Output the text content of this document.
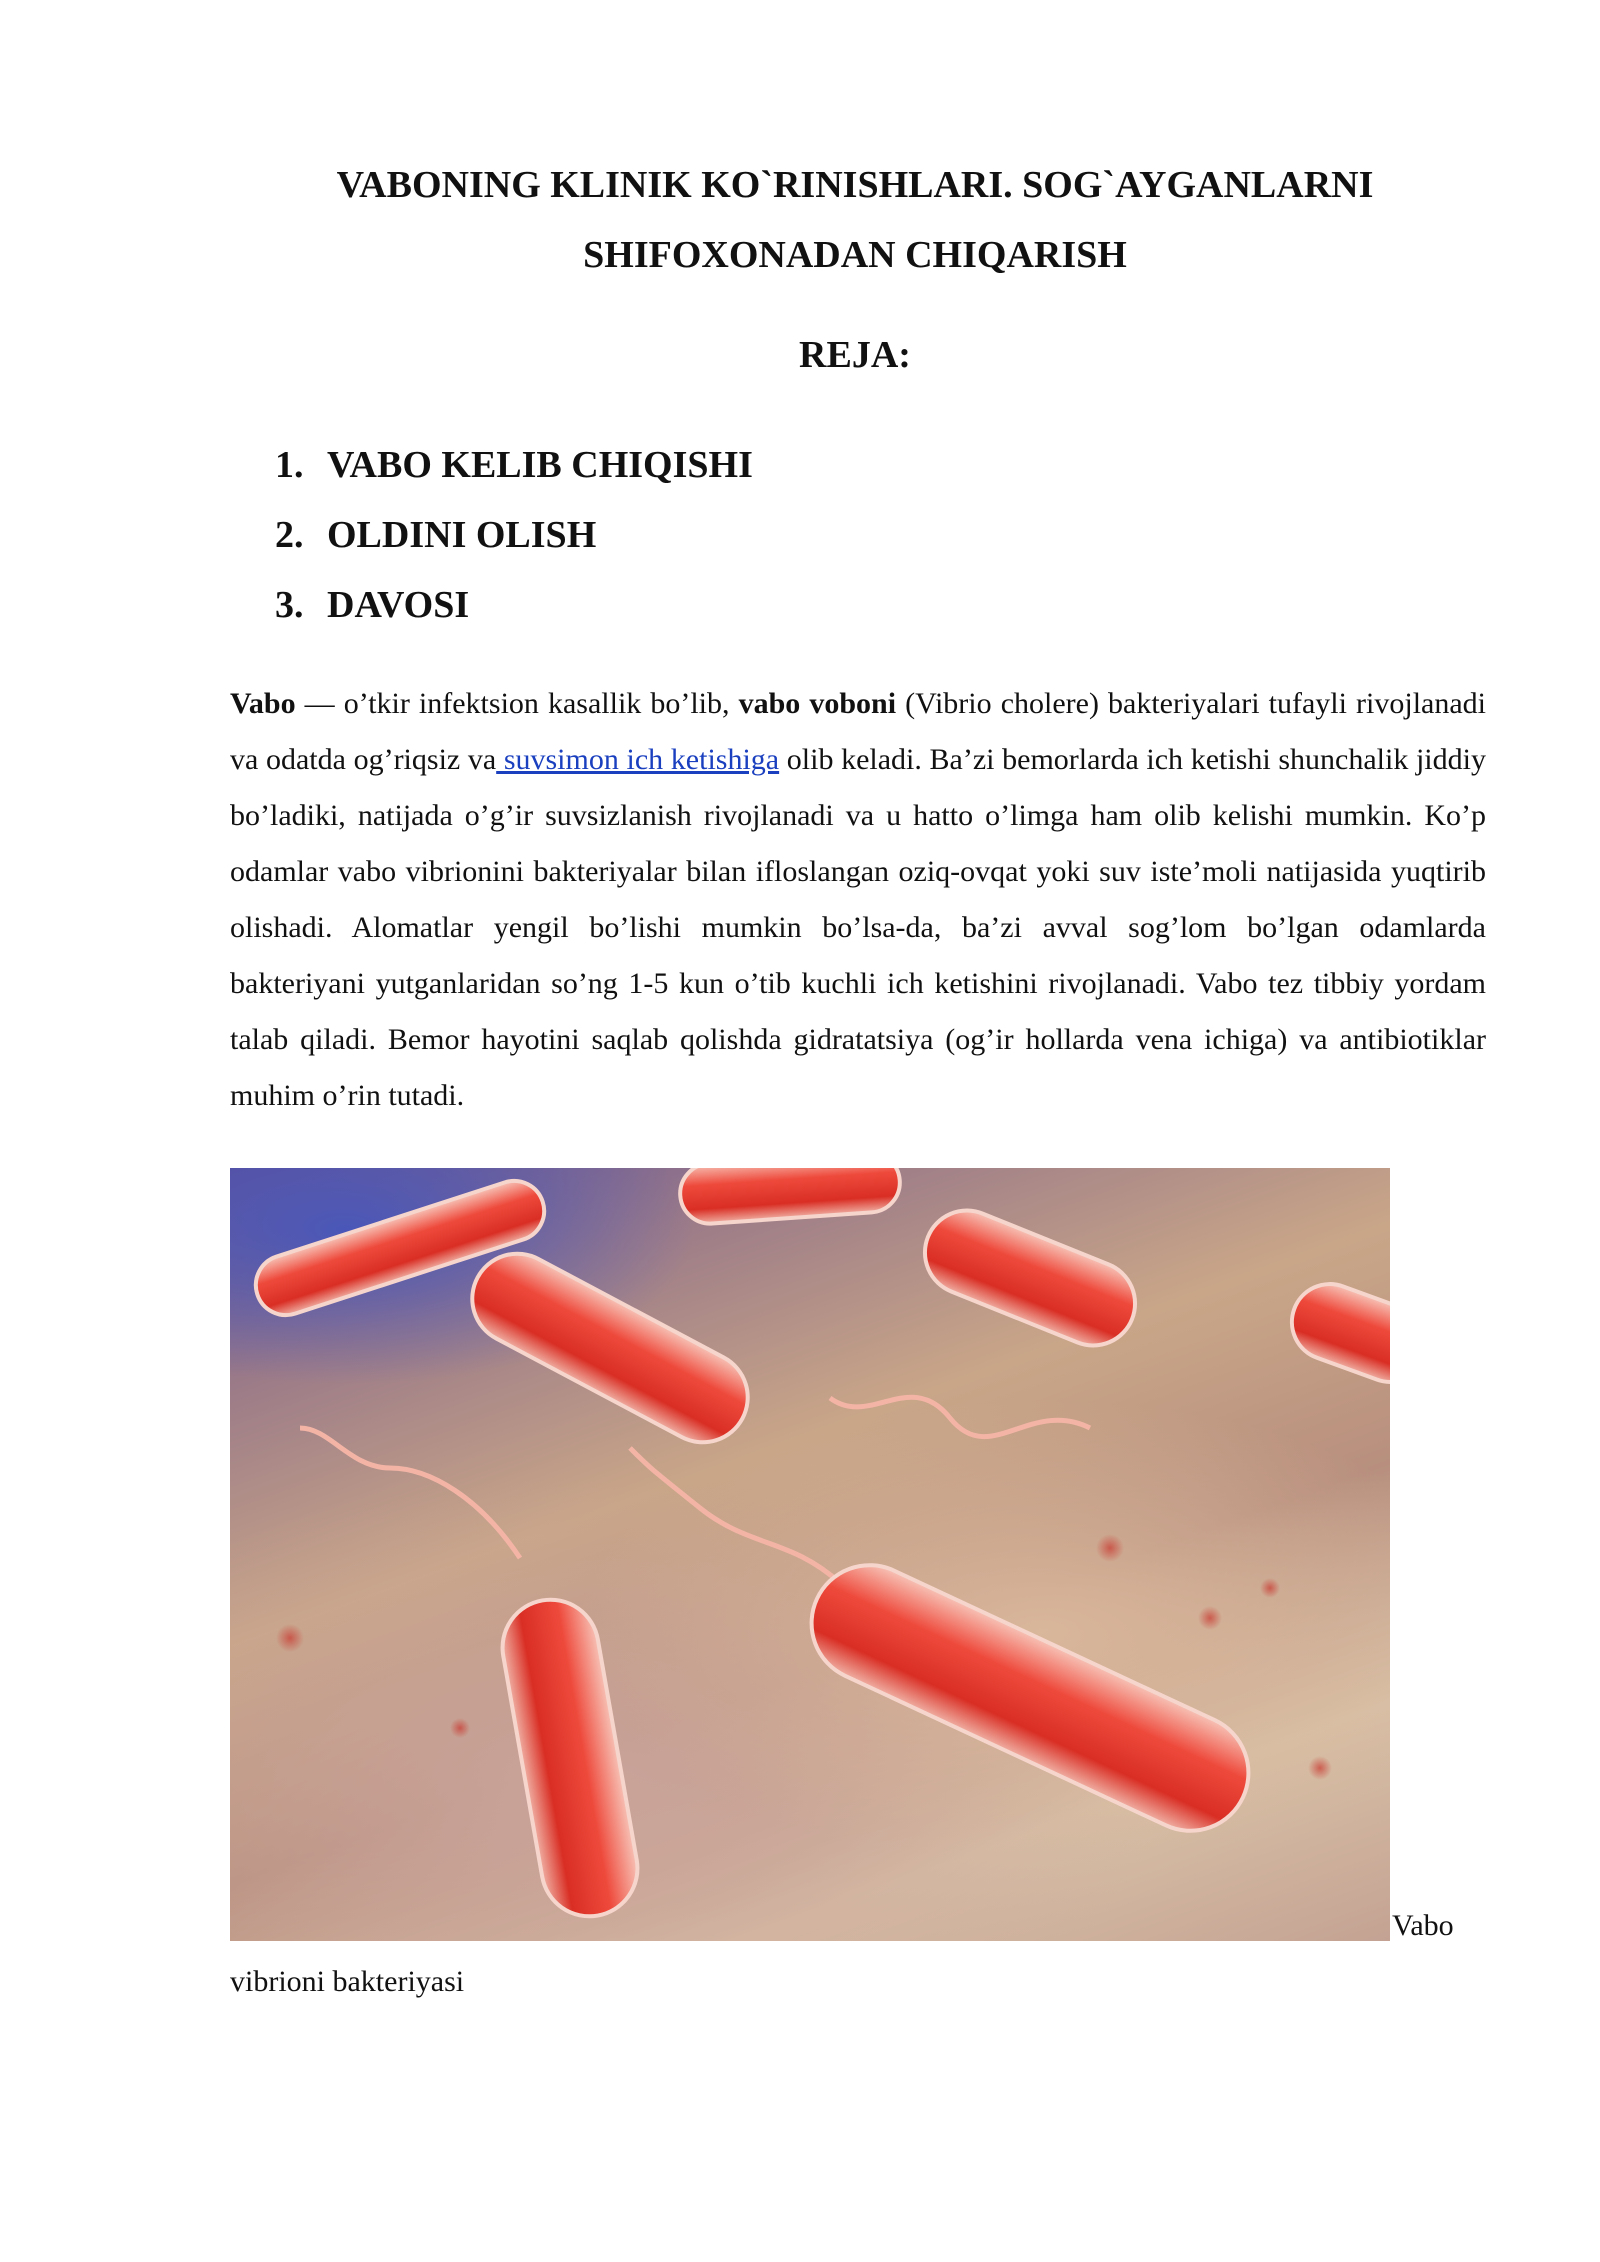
VABONING KLINIK KO`RINISHLARI. SOG`AYGANLARNI
SHIFOXONADAN CHIQARISH
REJA:
1. VABO KELIB CHIQISHI
2. OLDINI OLISH
3. DAVOSI

Vabo — o’tkir infektsion kasallik bo’lib, vabo voboni (Vibrio cholere) bakteriyalari tufayli rivojlanadi va odatda og’riqsiz va suvsimon ich ketishiga olib keladi. Ba’zi bemorlarda ich ketishi shunchalik jiddiy bo’ladiki, natijada o’g’ir suvsizlanish rivojlanadi va u hatto o’limga ham olib kelishi mumkin. Ko’p odamlar vabo vibrionini bakteriyalar bilan ifloslangan oziq-ovqat yoki suv iste’moli natijasida yuqtirib olishadi. Alomatlar yengil bo’lishi mumkin bo’lsa-da, ba’zi avval sog’lom bo’lgan odamlarda bakteriyani yutganlaridan so’ng 1-5 kun o’tib kuchli ich ketishini rivojlanadi. Vabo tez tibbiy yordam talab qiladi. Bemor hayotini saqlab qolishda gidratatsiya (og’ir hollarda vena ichiga) va antibiotiklar muhim o’rin tutadi.

Vabo
vibrioni bakteriyasi
